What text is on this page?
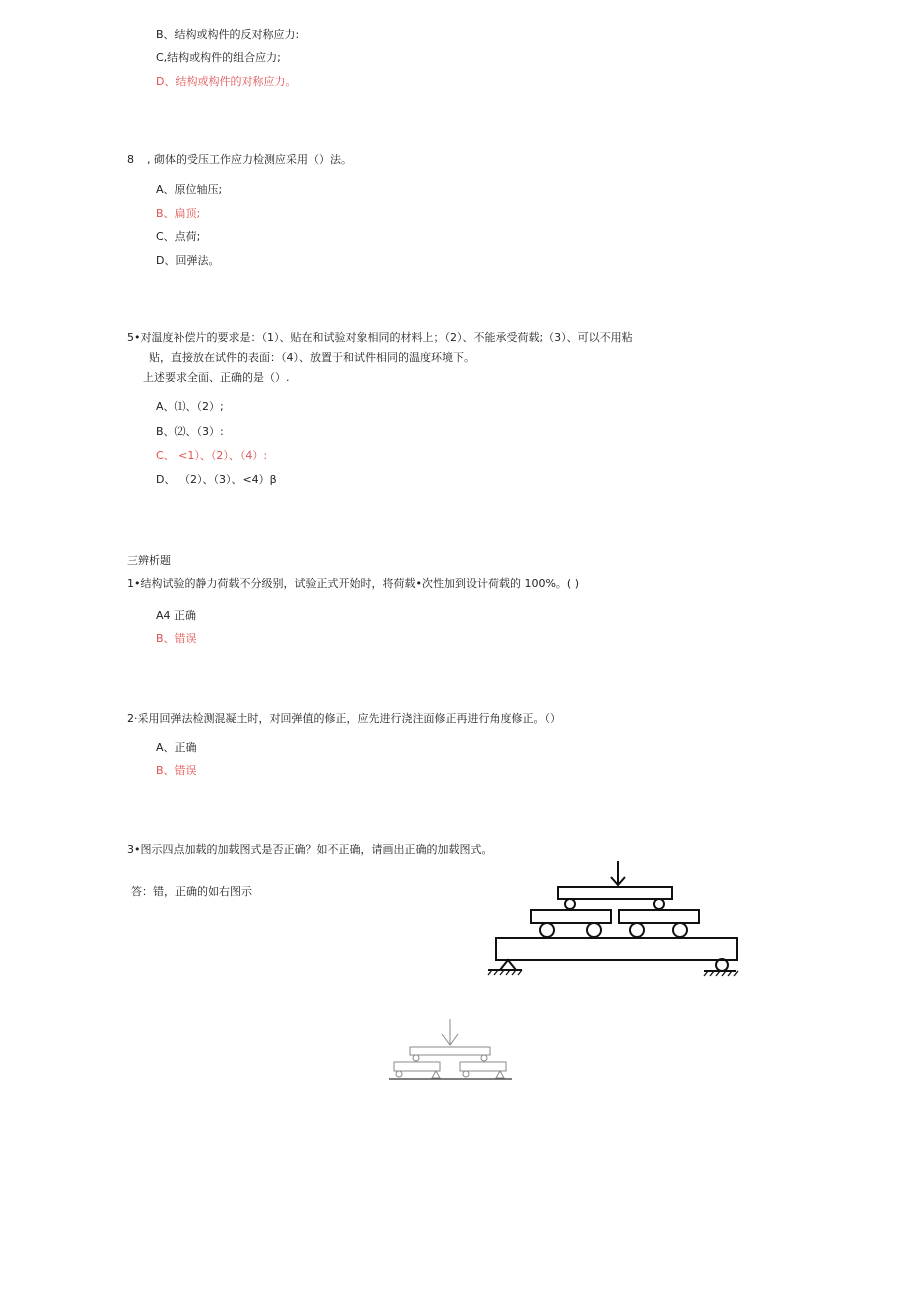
B、结构或构件的反对称应力:
C,结构或构件的组合应力;
D、结构或构件的对称应力。
8 , 砌体的受压工作应力检测应采用（）法。
A、原位轴压;
B、扁顶;
C、点荷;
D、回弹法。
5•对温度补偿片的要求是：（1）、贴在和试验对象相同的材料上；（2）、不能承受荷载;（3）、可以不用粘
贴，直接放在试件的表面：（4）、放置于和试件相同的温度环境下。
上述要求全面、正确的是（）.
A、⑴、（2）;
B、⑵、（3）:
C、 <1）、（2）、（4）:
D、 （2）、（3）、<4）β
三辨析题
1•结构试验的静力荷载不分级别，试验正式开始时，将荷载•次性加到设计荷载的 100%。( )
A4 正确
B、错误
2·采用回弹法检测混凝土时，对回弹值的修正，应先进行浇注面修正再进行角度修正。（）
A、正确
B、错误
3•图示四点加载的加载图式是否正确？如不正确，请画出正确的加载图式。
答：错，正确的如右图示
